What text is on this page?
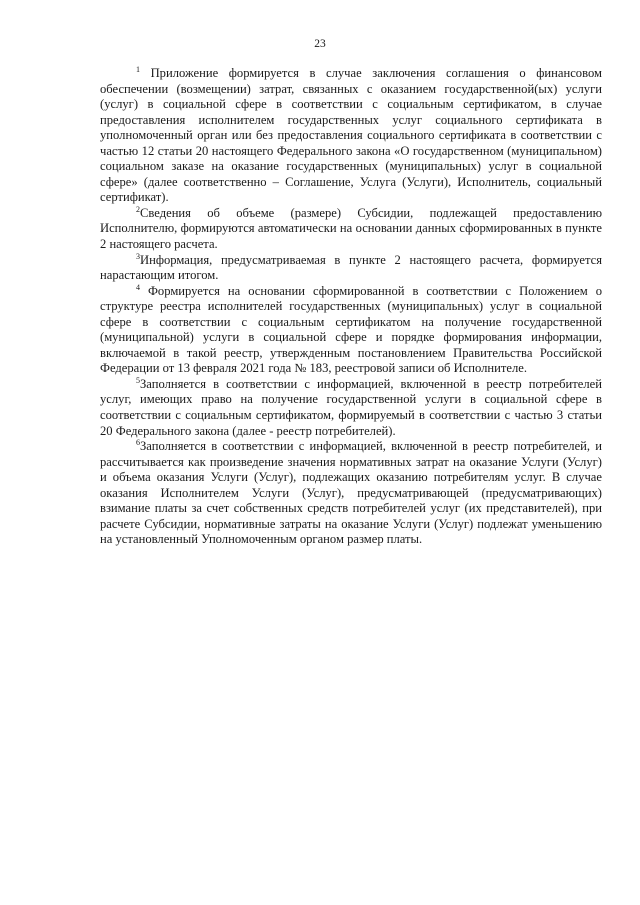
23

$^1$ Приложение формируется в случае заключения соглашения о финансовом обеспечении (возмещении) затрат, связанных с оказанием государственной(ых) услуги (услуг) в социальной сфере в соответствии с социальным сертификатом, в случае предоставления исполнителем государственных услуг социального сертификата в уполномоченный орган или без предоставления социального сертификата в соответствии с частью 12 статьи 20 настоящего Федерального закона «О государственном (муниципальном) социальном заказе на оказание государственных (муниципальных) услуг в социальной сфере» (далее соответственно – Соглашение, Услуга (Услуги), Исполнитель, социальный сертификат).

$^2$Сведения об объеме (размере) Субсидии, подлежащей предоставлению Исполнителю, формируются автоматически на основании данных сформированных в пункте 2 настоящего расчета.

$^3$Информация, предусматриваемая в пункте 2 настоящего расчета, формируется нарастающим итогом.

$^4$ Формируется на основании сформированной в соответствии с Положением о структуре реестра исполнителей государственных (муниципальных) услуг в социальной сфере в соответствии с социальным сертификатом на получение государственной (муниципальной) услуги в социальной сфере и порядке формирования информации, включаемой в такой реестр, утвержденным постановлением Правительства Российской Федерации от 13 февраля 2021 года № 183, реестровой записи об Исполнителе.

$^5$Заполняется в соответствии с информацией, включенной в реестр потребителей услуг, имеющих право на получение государственной услуги в социальной сфере в соответствии с социальным сертификатом, формируемый в соответствии с частью 3 статьи 20 Федерального закона (далее - реестр потребителей).

$^6$Заполняется в соответствии с информацией, включенной в реестр потребителей, и рассчитывается как произведение значения нормативных затрат на оказание Услуги (Услуг) и объема оказания Услуги (Услуг), подлежащих оказанию потребителям услуг. В случае оказания Исполнителем Услуги (Услуг), предусматривающей (предусматривающих) взимание платы за счет собственных средств потребителей услуг (их представителей), при расчете Субсидии, нормативные затраты на оказание Услуги (Услуг) подлежат уменьшению на установленный Уполномоченным органом размер платы.
